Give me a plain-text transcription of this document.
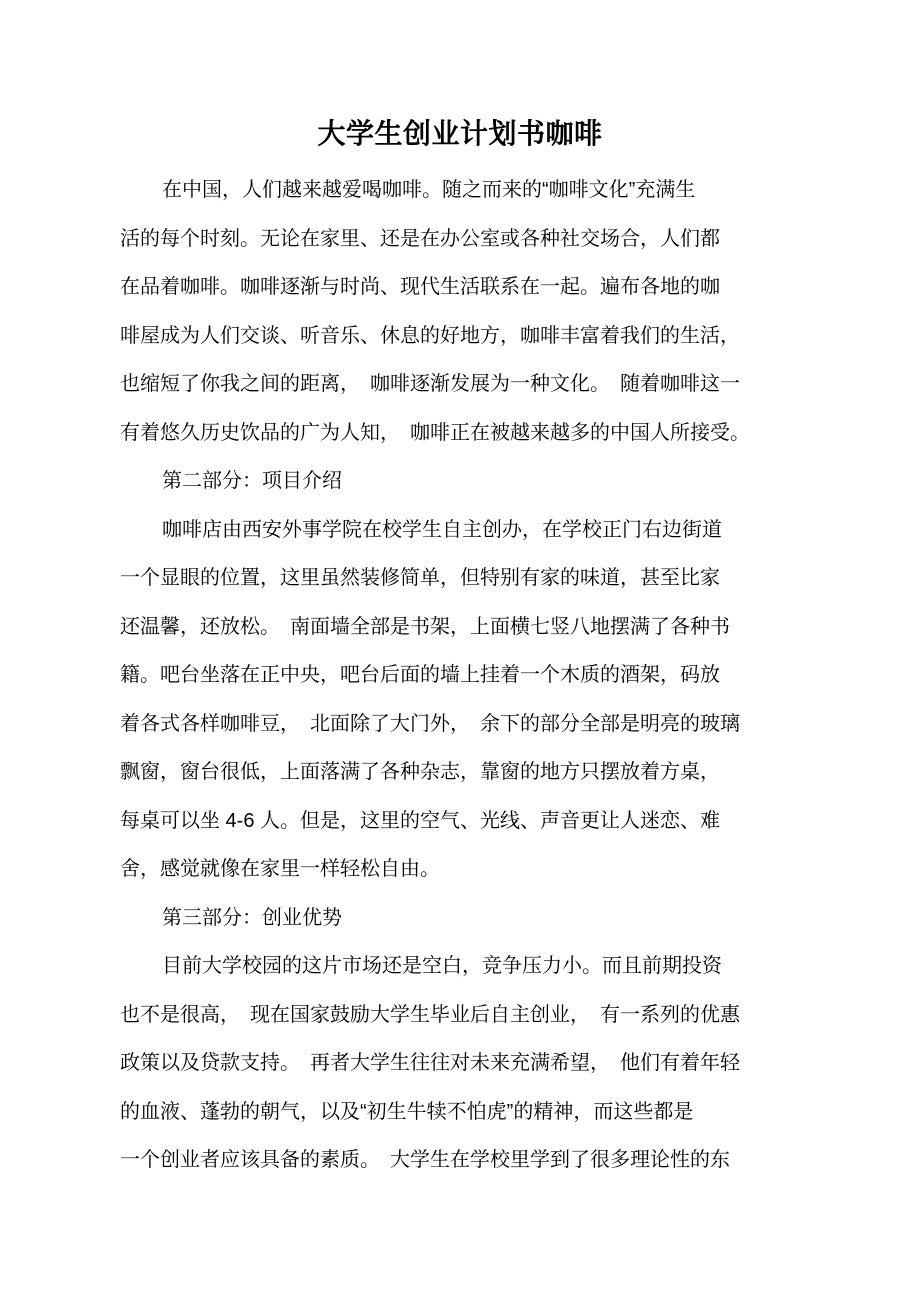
大学生创业计划书咖啡
在中国，人们越来越爱喝咖啡。随之而来的“咖啡文化”充满生
活的每个时刻。无论在家里、还是在办公室或各种社交场合，人们都
在品着咖啡。咖啡逐渐与时尚、现代生活联系在一起。遍布各地的咖
啡屋成为人们交谈、听音乐、休息的好地方，咖啡丰富着我们的生活，
也缩短了你我之间的距离，　咖啡逐渐发展为一种文化。　随着咖啡这一
有着悠久历史饮品的广为人知，　咖啡正在被越来越多的中国人所接受。
第二部分：项目介绍
咖啡店由西安外事学院在校学生自主创办，在学校正门右边街道
一个显眼的位置，这里虽然装修简单，但特别有家的味道，甚至比家
还温馨，还放松。　南面墙全部是书架，上面横七竖八地摆满了各种书
籍。吧台坐落在正中央，吧台后面的墙上挂着一个木质的酒架，码放
着各式各样咖啡豆，　北面除了大门外，　余下的部分全部是明亮的玻璃
飘窗，窗台很低，上面落满了各种杂志，靠窗的地方只摆放着方桌，
每桌可以坐 4-6 人。但是，这里的空气、光线、声音更让人迷恋、难
舍，感觉就像在家里一样轻松自由。
第三部分：创业优势
目前大学校园的这片市场还是空白，竞争压力小。而且前期投资
也不是很高，　现在国家鼓励大学生毕业后自主创业，　有一系列的优惠
政策以及贷款支持。　再者大学生往往对未来充满希望，　他们有着年轻
的血液、蓬勃的朝气，以及“初生牛犊不怕虎”的精神，而这些都是
一个创业者应该具备的素质。　大学生在学校里学到了很多理论性的东
